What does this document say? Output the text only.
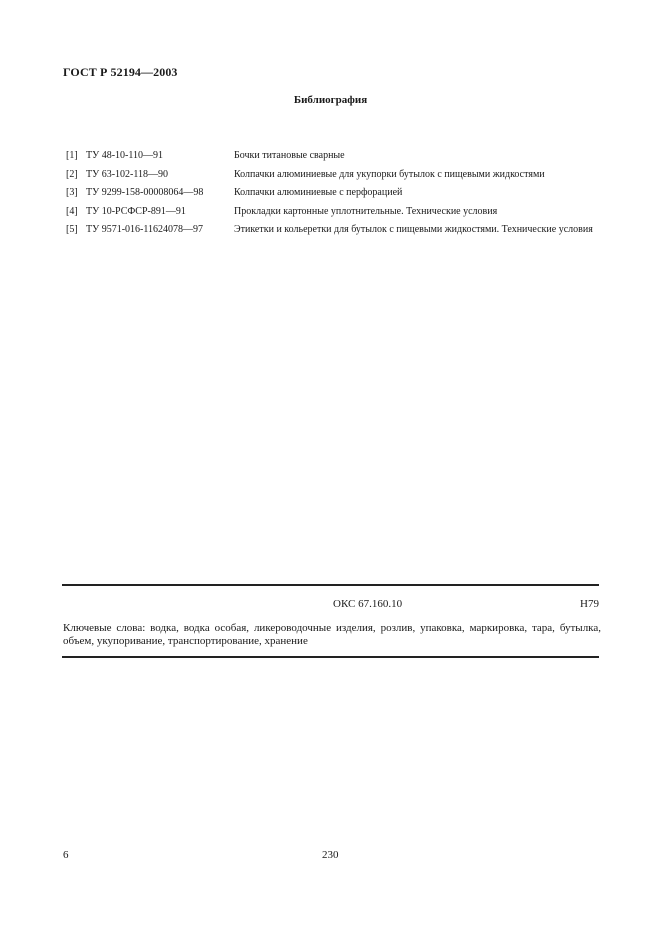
ГОСТ Р 52194—2003
Библиография
[1] ТУ 48-10-110—91	Бочки титановые сварные
[2] ТУ 63-102-118—90	Колпачки алюминиевые для укупорки бутылок с пищевыми жидкостями
[3] ТУ 9299-158-00008064—98	Колпачки алюминиевые с перфорацией
[4] ТУ 10-РСФСР-891—91	Прокладки картонные уплотнительные. Технические условия
[5] ТУ 9571-016-11624078—97	Этикетки и кольеретки для бутылок с пищевыми жидкостями. Технические условия
ОКС 67.160.10	Н79
Ключевые слова: водка, водка особая, ликероводочные изделия, розлив, упаковка, маркировка, тара, бутылка, объем, укупоривание, транспортирование, хранение
6	230
